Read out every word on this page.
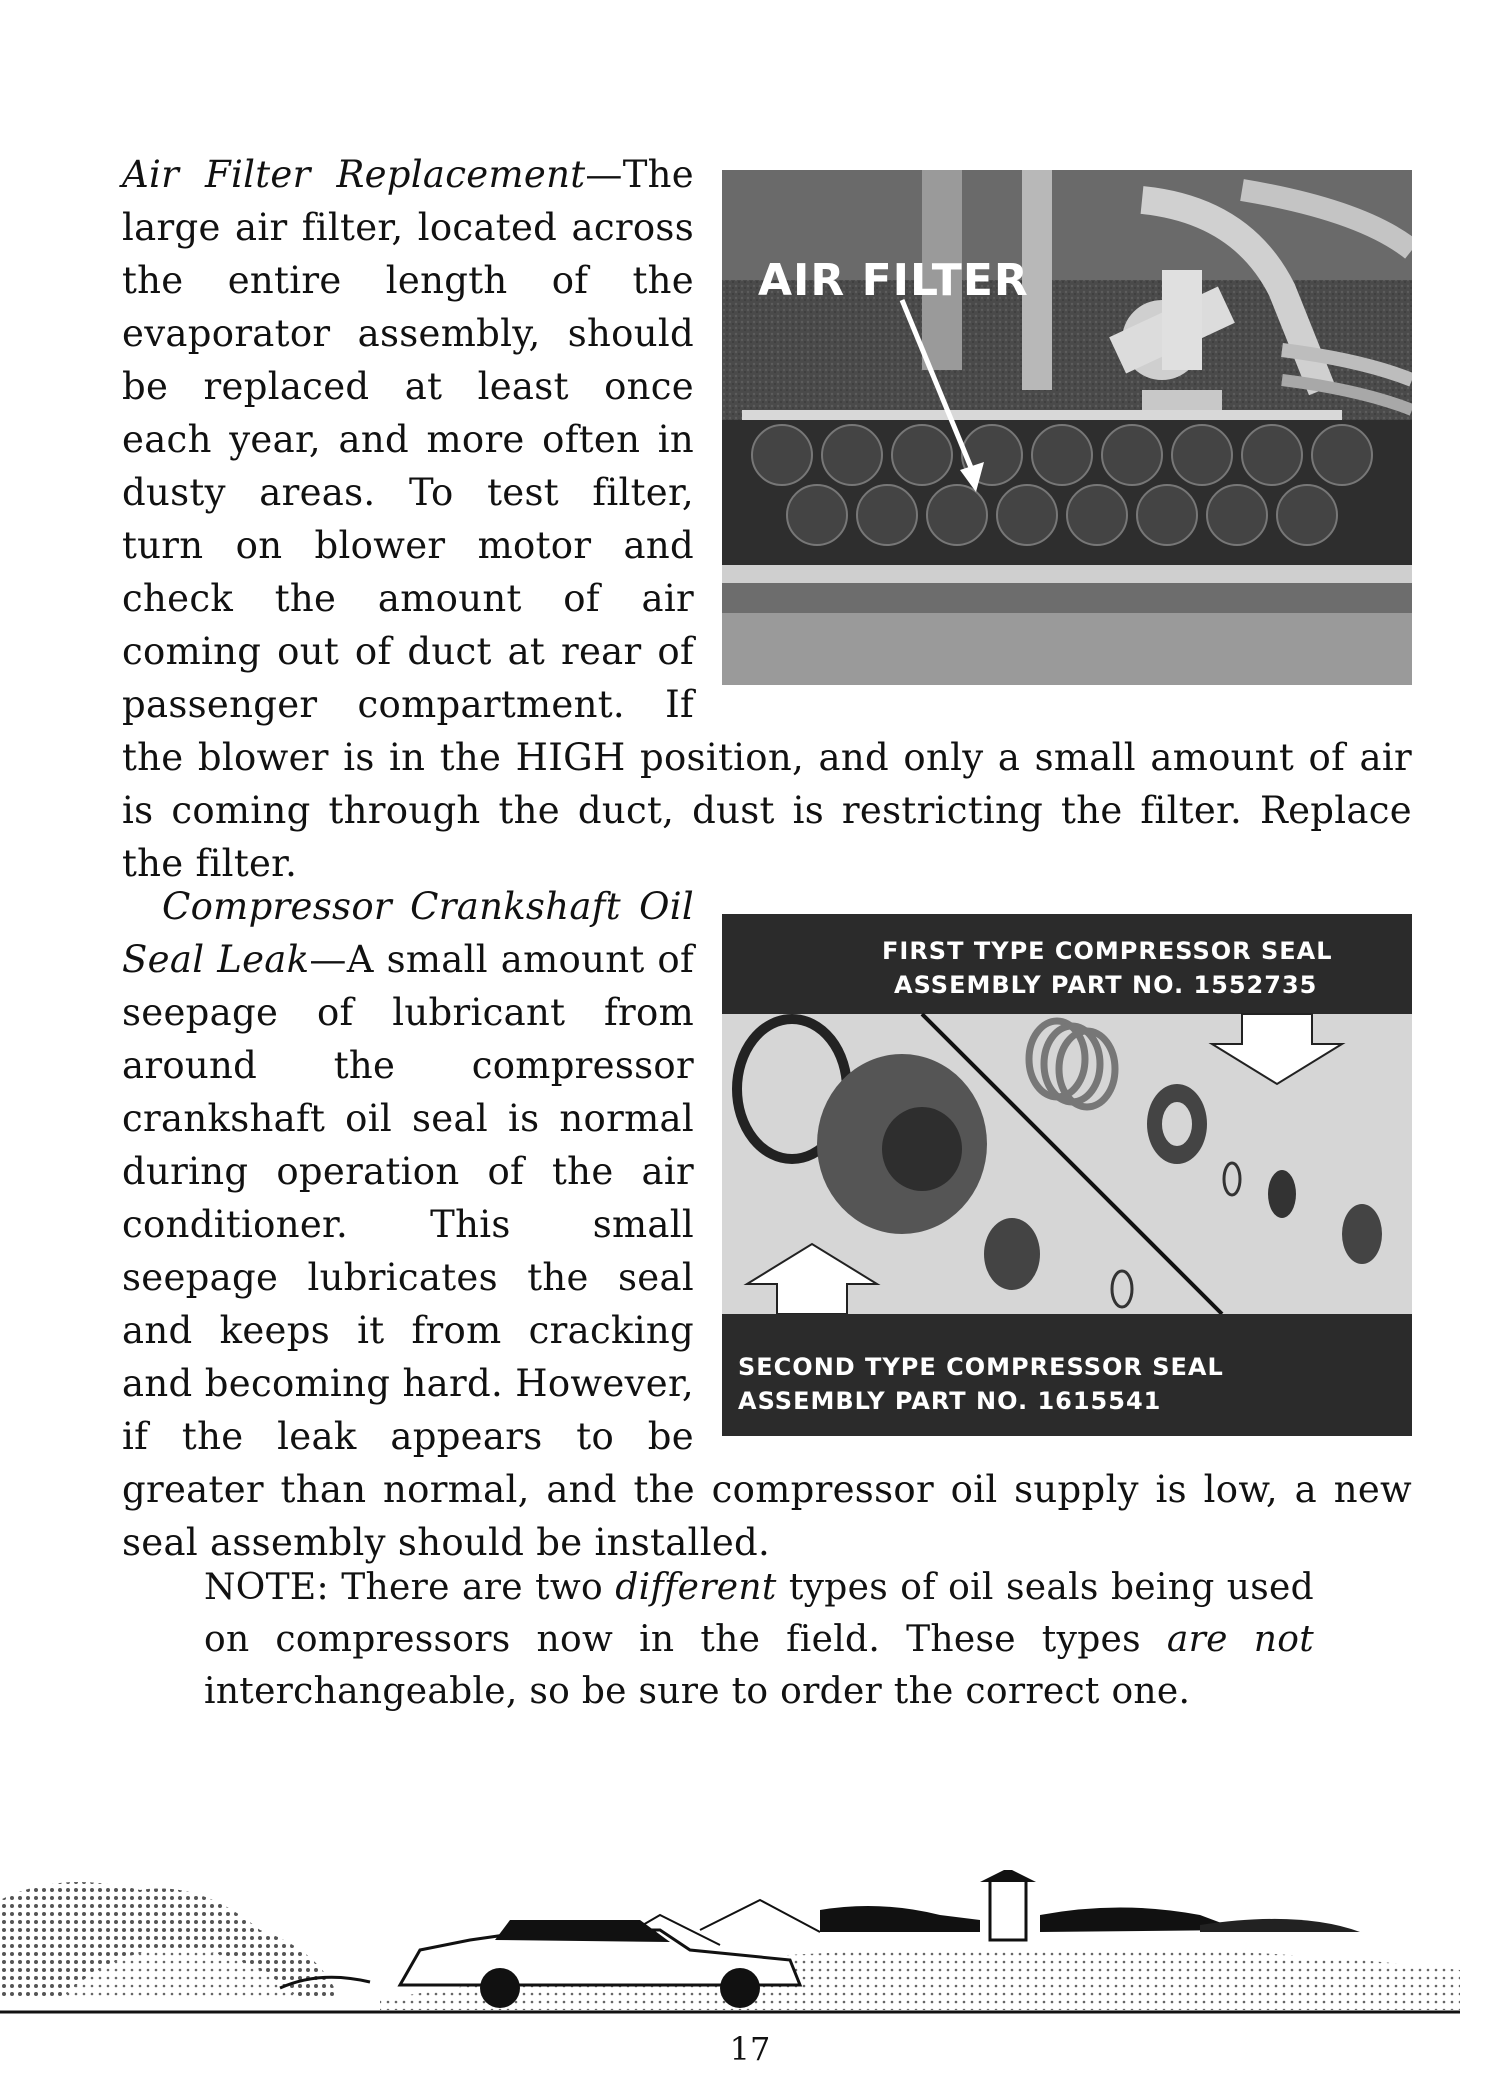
AIR FILTER
Air Filter Replacement—The large air filter, located across the entire length of the evaporator assembly, should be replaced at least once each year, and more often in dusty areas. To test filter, turn on blower motor and check the amount of air coming out of duct at rear of passenger compartment. If the blower is in the HIGH position, and only a small amount of air is coming through the duct, dust is restricting the filter. Replace the filter.
FIRST TYPE COMPRESSOR SEAL
ASSEMBLY PART NO. 1552735
SECOND TYPE COMPRESSOR SEAL
ASSEMBLY PART NO. 1615541
Compressor Crankshaft Oil Seal Leak—A small amount of seepage of lubricant from around the compressor crankshaft oil seal is normal during operation of the air conditioner. This small seepage lubricates the seal and keeps it from cracking and becoming hard. However, if the leak appears to be greater than normal, and the compressor oil supply is low, a new seal assembly should be installed.
NOTE: There are two different types of oil seals being used on compressors now in the field. These types are not interchangeable, so be sure to order the correct one.
17
